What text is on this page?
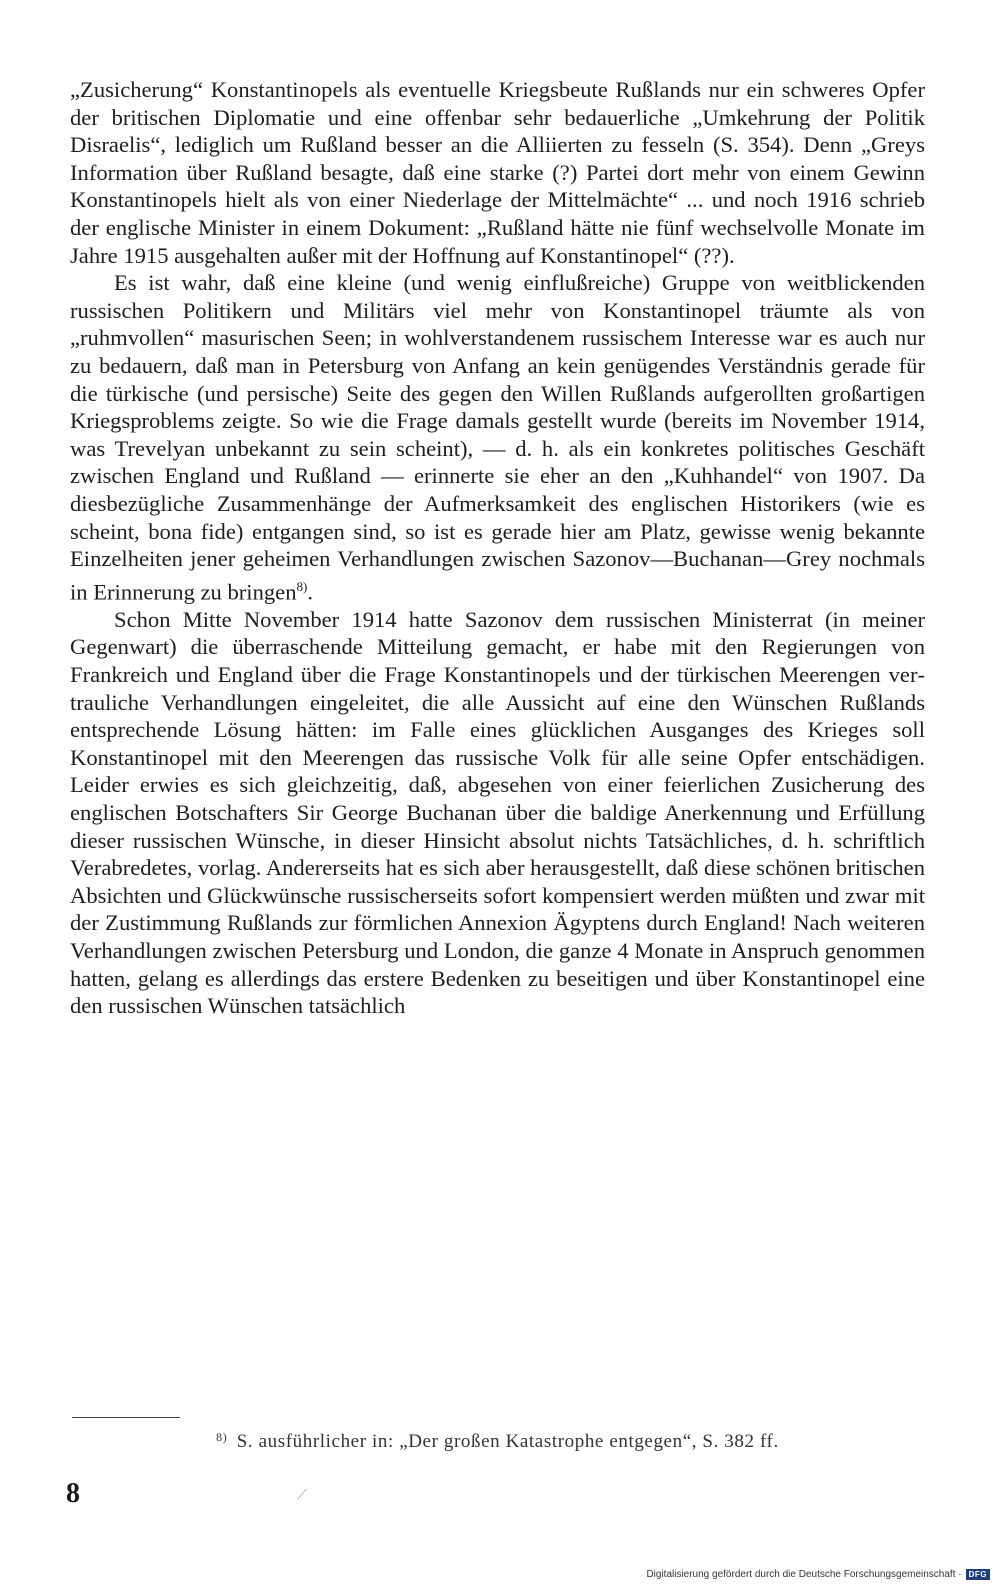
„Zusicherung“ Konstantinopels als eventuelle Kriegsbeute Rußlands nur ein schweres Opfer der britischen Diplomatie und eine offenbar sehr bedauerliche „Umkehrung der Politik Disraelis“, lediglich um Rußland besser an die Alliierten zu fesseln (S. 354). Denn „Greys Information über Rußland besagte, daß eine starke (?) Partei dort mehr von einem Gewinn Konstantinopels hielt als von einer Niederlage der Mittelmächte“ ... und noch 1916 schrieb der englische Minister in einem Dokument: „Rußland hätte nie fünf wechselvolle Monate im Jahre 1915 ausgehalten außer mit der Hoffnung auf Konstantinopel“ (??).

Es ist wahr, daß eine kleine (und wenig einflußreiche) Gruppe von weitblickenden russischen Politikern und Militärs viel mehr von Konstantinopel träumte als von „ruhmvollen“ masurischen Seen; in wohlverstandenem russischem Interesse war es auch nur zu bedauern, daß man in Petersburg von Anfang an kein genügendes Verständnis gerade für die türkische (und persische) Seite des gegen den Willen Rußlands aufgerollten großartigen Kriegsproblems zeigte. So wie die Frage damals gestellt wurde (bereits im November 1914, was Trevelyan unbekannt zu sein scheint), — d. h. als ein konkretes politisches Geschäft zwischen England und Rußland — erinnerte sie eher an den „Kuhhandel“ von 1907. Da diesbezügliche Zusammenhänge der Aufmerksamkeit des englischen Historikers (wie es scheint, bona fide) entgangen sind, so ist es gerade hier am Platz, gewisse wenig bekannte Einzelheiten jener geheimen Verhandlungen zwischen Sazonov—Buchanan—Grey nochmals in Erinnerung zu bringen$^{8)}$.

Schon Mitte November 1914 hatte Sazonov dem russischen Ministerrat (in meiner Gegenwart) die überraschende Mitteilung gemacht, er habe mit den Regierungen von Frankreich und England über die Frage Konstantinopels und der türkischen Meerengen vertrauliche Verhandlungen eingeleitet, die alle Aussicht auf eine den Wünschen Rußlands entsprechende Lösung hätten: im Falle eines glücklichen Ausganges des Krieges soll Konstantinopel mit den Meerengen das russische Volk für alle seine Opfer entschädigen. Leider erwies es sich gleichzeitig, daß, abgesehen von einer feierlichen Zusicherung des englischen Botschafters Sir George Buchanan über die baldige Anerkennung und Erfüllung dieser russischen Wünsche, in dieser Hinsicht absolut nichts Tatsächliches, d. h. schriftlich Verabredetes, vorlag. Andererseits hat es sich aber herausgestellt, daß diese schönen britischen Absichten und Glückwünsche russischerseits sofort kompensiert werden müßten und zwar mit der Zustimmung Rußlands zur förmlichen Annexion Ägyptens durch England! Nach weiteren Verhandlungen zwischen Petersburg und London, die ganze 4 Monate in Anspruch genommen hatten, gelang es allerdings das erstere Bedenken zu beseitigen und über Konstantinopel eine den russischen Wünschen tatsächlich

$^{8)}$ S. ausführlicher in: „Der großen Katastrophe entgegen“, S. 382 ff.
8
Digitalisierung gefördert durch die Deutsche Forschungsgemeinschaft · DFG
